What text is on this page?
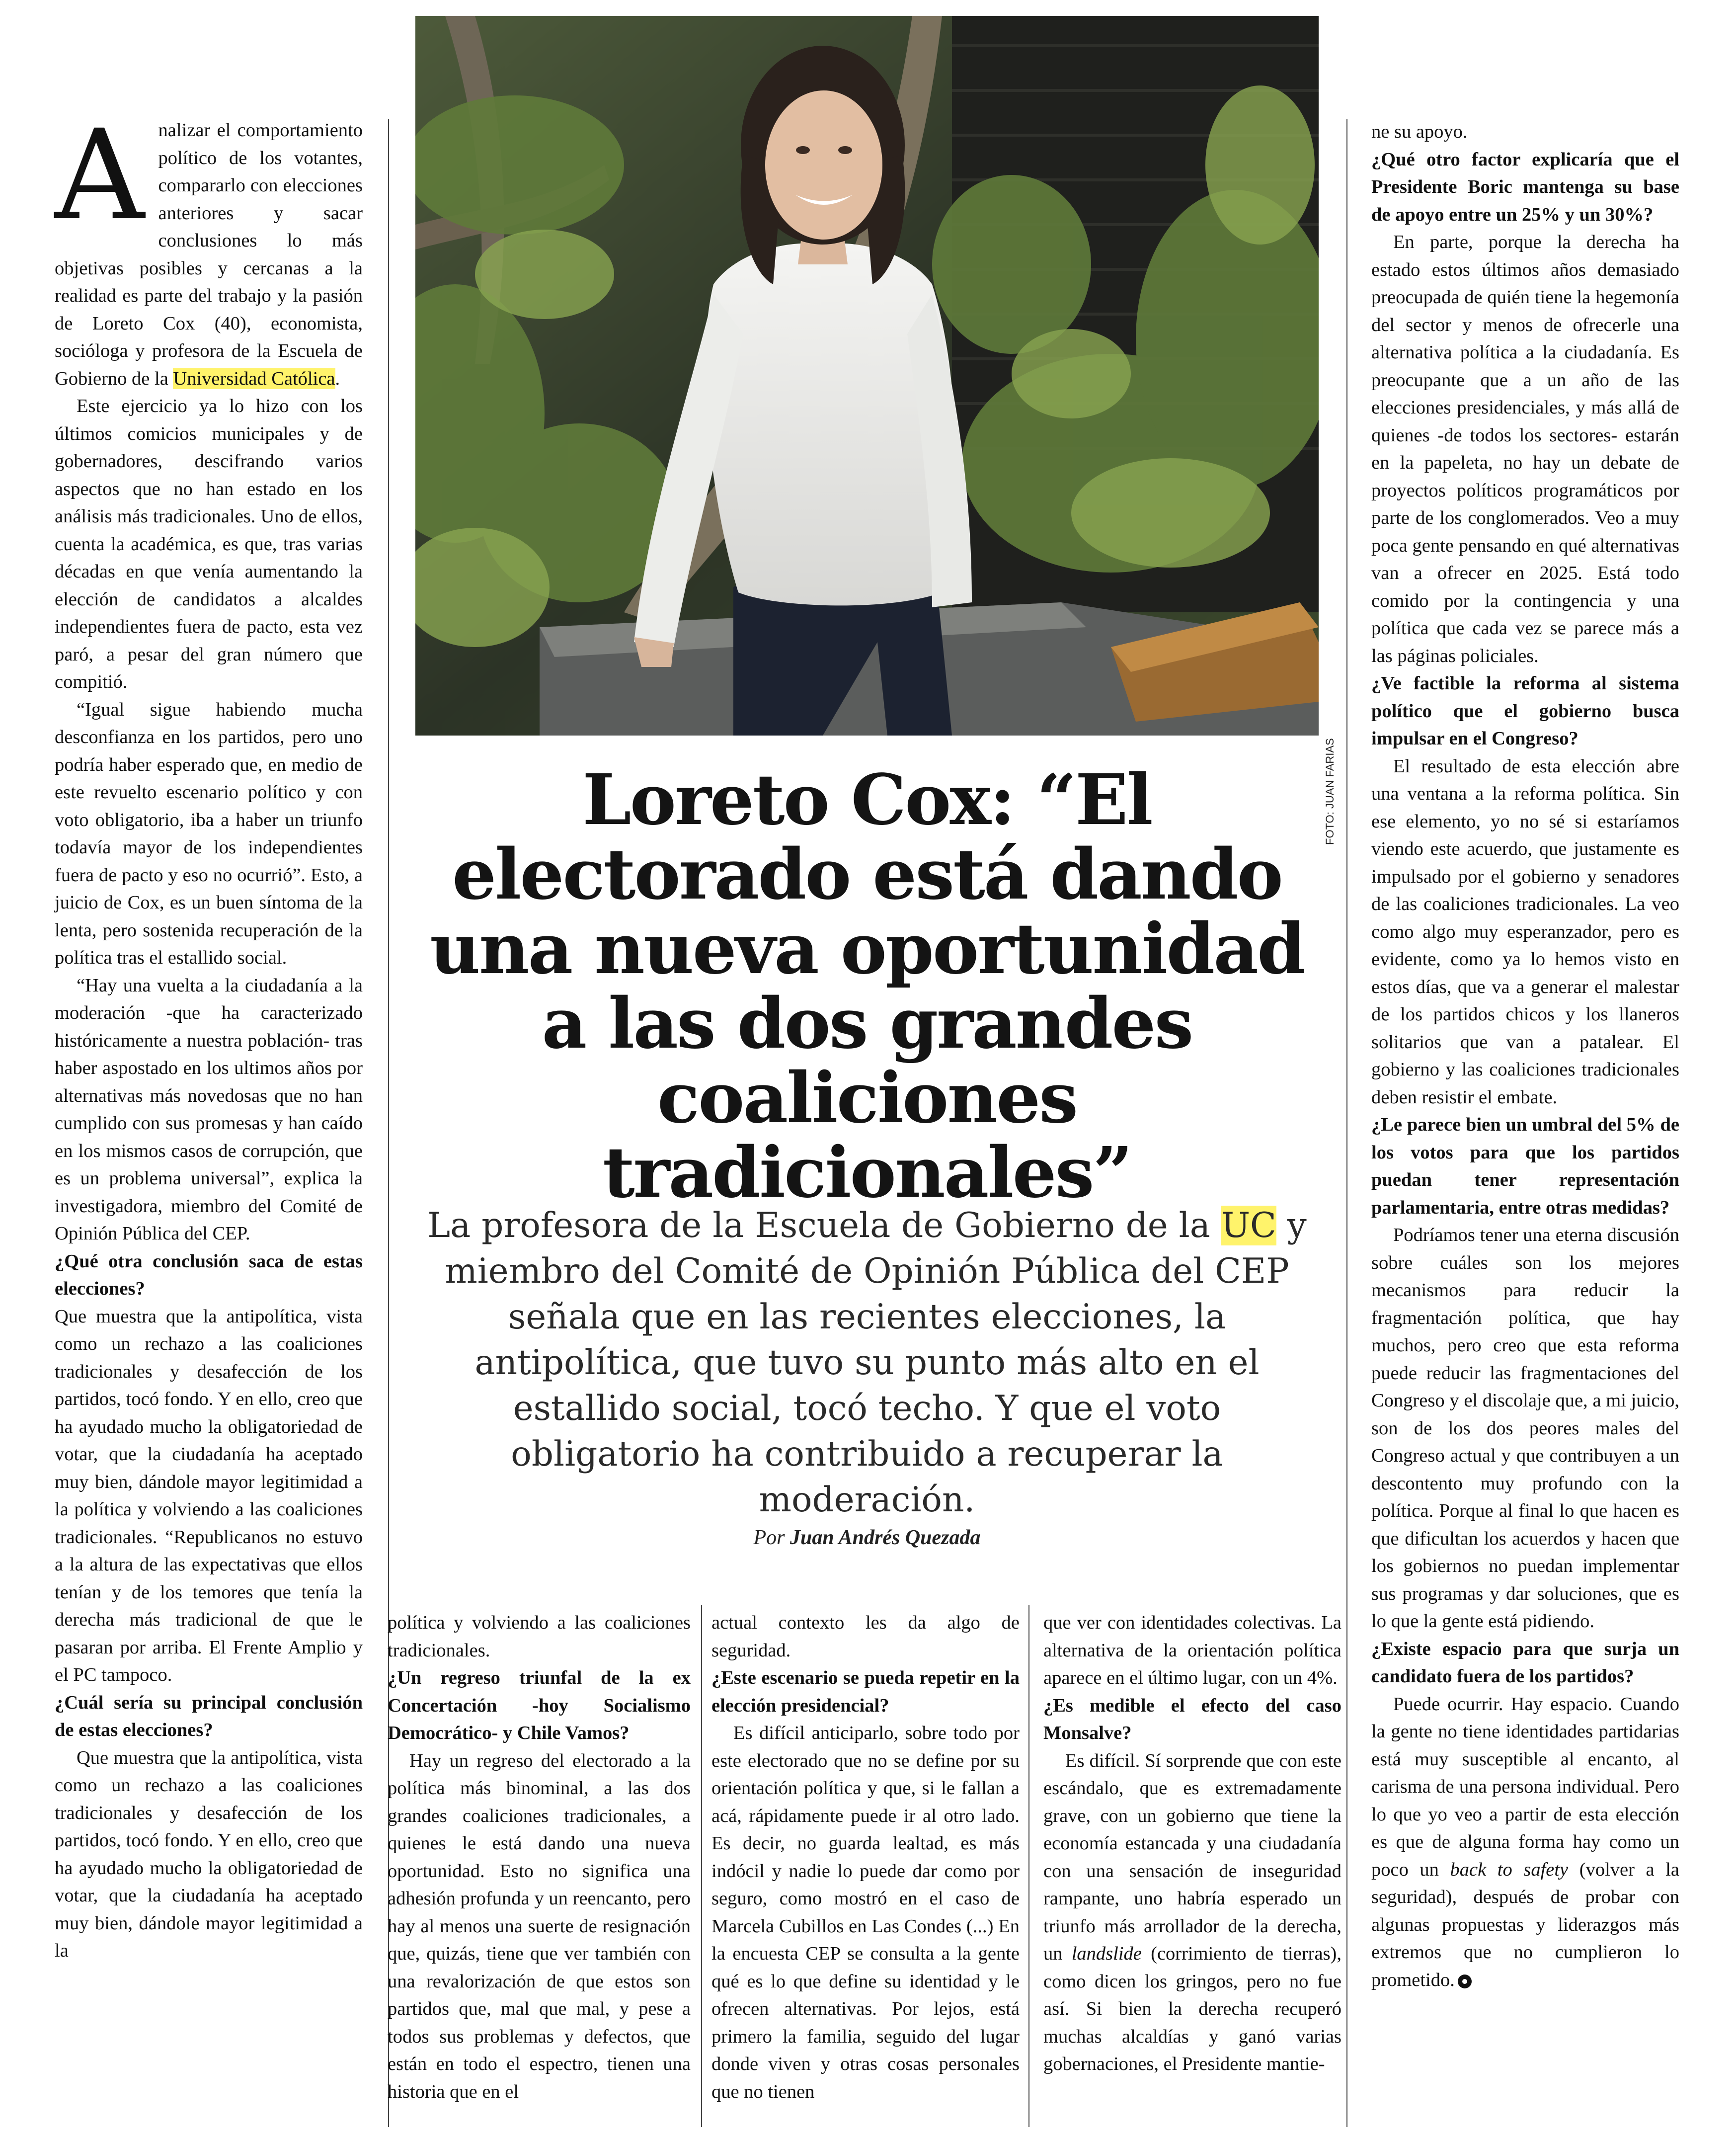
FOTO: JUAN FARIAS
Loreto Cox: “El electorado está dando una nueva oportunidad a las dos grandes coaliciones tradicionales”

La profesora de la Escuela de Gobierno de la UC y miembro del Comité de Opinión Pública del CEP señala que en las recientes elecciones, la antipolítica, que tuvo su punto más alto en el estallido social, tocó techo. Y que el voto obligatorio ha contribuido a recuperar la moderación.

Por Juan Andrés Quezada

Analizar el comportamiento político de los votantes, compararlo con elecciones anteriores y sacar conclusiones lo más objetivas posibles y cercanas a la realidad es parte del trabajo y la pasión de Loreto Cox (40), economista, socióloga y profesora de la Escuela de Gobierno de la Universidad Católica.

Este ejercicio ya lo hizo con los últimos comicios municipales y de gobernadores, descifrando varios aspectos que no han estado en los análisis más tradicionales. Uno de ellos, cuenta la académica, es que, tras varias décadas en que venía aumentando la elección de candidatos a alcaldes independientes fuera de pacto, esta vez paró, a pesar del gran número que compitió.

“Igual sigue habiendo mucha desconfianza en los partidos, pero uno podría haber esperado que, en medio de este revuelto escenario político y con voto obligatorio, iba a haber un triunfo todavía mayor de los independientes fuera de pacto y eso no ocurrió”. Esto, a juicio de Cox, es un buen síntoma de la lenta, pero sostenida recuperación de la política tras el estallido social.

“Hay una vuelta a la ciudadanía a la moderación -que ha caracterizado históricamente a nuestra población- tras haber aspostado en los ultimos años por alternativas más novedosas que no han cumplido con sus promesas y han caído en los mismos casos de corrupción, que es un problema universal”, explica la investigadora, miembro del Comité de Opinión Pública del CEP.

¿Qué otra conclusión saca de estas elecciones?

Que muestra que la antipolítica, vista como un rechazo a las coaliciones tradicionales y desafección de los partidos, tocó fondo. Y en ello, creo que ha ayudado mucho la obligatoriedad de votar, que la ciudadanía ha aceptado muy bien, dándole mayor legitimidad a la política y volviendo a las coaliciones tradicionales. “Republicanos no estuvo a la altura de las expectativas que ellos tenían y de los temores que tenía la derecha más tradicional de que le pasaran por arriba. El Frente Amplio y el PC tampoco.

¿Cuál sería su principal conclusión de estas elecciones?

Que muestra que la antipolítica, vista como un rechazo a las coaliciones tradicionales y desafección de los partidos, tocó fondo. Y en ello, creo que ha ayudado mucho la obligatoriedad de votar, que la ciudadanía ha aceptado muy bien, dándole mayor legitimidad a la

política y volviendo a las coaliciones tradicionales.

¿Un regreso triunfal de la ex Concertación -hoy Socialismo Democrático- y Chile Vamos?

Hay un regreso del electorado a la política más binominal, a las dos grandes coaliciones tradicionales, a quienes le está dando una nueva oportunidad. Esto no significa una adhesión profunda y un reencanto, pero hay al menos una suerte de resignación que, quizás, tiene que ver también con una revalorización de que estos son partidos que, mal que mal, y pese a todos sus problemas y defectos, que están en todo el espectro, tienen una historia que en el

actual contexto les da algo de seguridad.

¿Este escenario se pueda repetir en la elección presidencial?

Es difícil anticiparlo, sobre todo por este electorado que no se define por su orientación política y que, si le fallan a acá, rápidamente puede ir al otro lado. Es decir, no guarda lealtad, es más indócil y nadie lo puede dar como por seguro, como mostró en el caso de Marcela Cubillos en Las Condes (...) En la encuesta CEP se consulta a la gente qué es lo que define su identidad y le ofrecen alternativas. Por lejos, está primero la familia, seguido del lugar donde viven y otras cosas personales que no tienen

que ver con identidades colectivas. La alternativa de la orientación política aparece en el último lugar, con un 4%.

¿Es medible el efecto del caso Monsalve?

Es difícil. Sí sorprende que con este escándalo, que es extremadamente grave, con un gobierno que tiene la economía estancada y una ciudadanía con una sensación de inseguridad rampante, uno habría esperado un triunfo más arrollador de la derecha, un landslide (corrimiento de tierras), como dicen los gringos, pero no fue así. Si bien la derecha recuperó muchas alcaldías y ganó varias gobernaciones, el Presidente mantie-

ne su apoyo.

¿Qué otro factor explicaría que el Presidente Boric mantenga su base de apoyo entre un 25% y un 30%?

En parte, porque la derecha ha estado estos últimos años demasiado preocupada de quién tiene la hegemonía del sector y menos de ofrecerle una alternativa política a la ciudadanía. Es preocupante que a un año de las elecciones presidenciales, y más allá de quienes -de todos los sectores- estarán en la papeleta, no hay un debate de proyectos políticos programáticos por parte de los conglomerados. Veo a muy poca gente pensando en qué alternativas van a ofrecer en 2025. Está todo comido por la contingencia y una política que cada vez se parece más a las páginas policiales.

¿Ve factible la reforma al sistema político que el gobierno busca impulsar en el Congreso?

El resultado de esta elección abre una ventana a la reforma política. Sin ese elemento, yo no sé si estaríamos viendo este acuerdo, que justamente es impulsado por el gobierno y senadores de las coaliciones tradicionales. La veo como algo muy esperanzador, pero es evidente, como ya lo hemos visto en estos días, que va a generar el malestar de los partidos chicos y los llaneros solitarios que van a patalear. El gobierno y las coaliciones tradicionales deben resistir el embate.

¿Le parece bien un umbral del 5% de los votos para que los partidos puedan tener representación parlamentaria, entre otras medidas?

Podríamos tener una eterna discusión sobre cuáles son los mejores mecanismos para reducir la fragmentación política, que hay muchos, pero creo que esta reforma puede reducir las fragmentaciones del Congreso y el discolaje que, a mi juicio, son de los dos peores males del Congreso actual y que contribuyen a un descontento muy profundo con la política. Porque al final lo que hacen es que dificultan los acuerdos y hacen que los gobiernos no puedan implementar sus programas y dar soluciones, que es lo que la gente está pidiendo.

¿Existe espacio para que surja un candidato fuera de los partidos?

Puede ocurrir. Hay espacio. Cuando la gente no tiene identidades partidarias está muy susceptible al encanto, al carisma de una persona individual. Pero lo que yo veo a partir de esta elección es que de alguna forma hay como un poco un back to safety (volver a la seguridad), después de probar con algunas propuestas y liderazgos más extremos que no cumplieron lo prometido.
